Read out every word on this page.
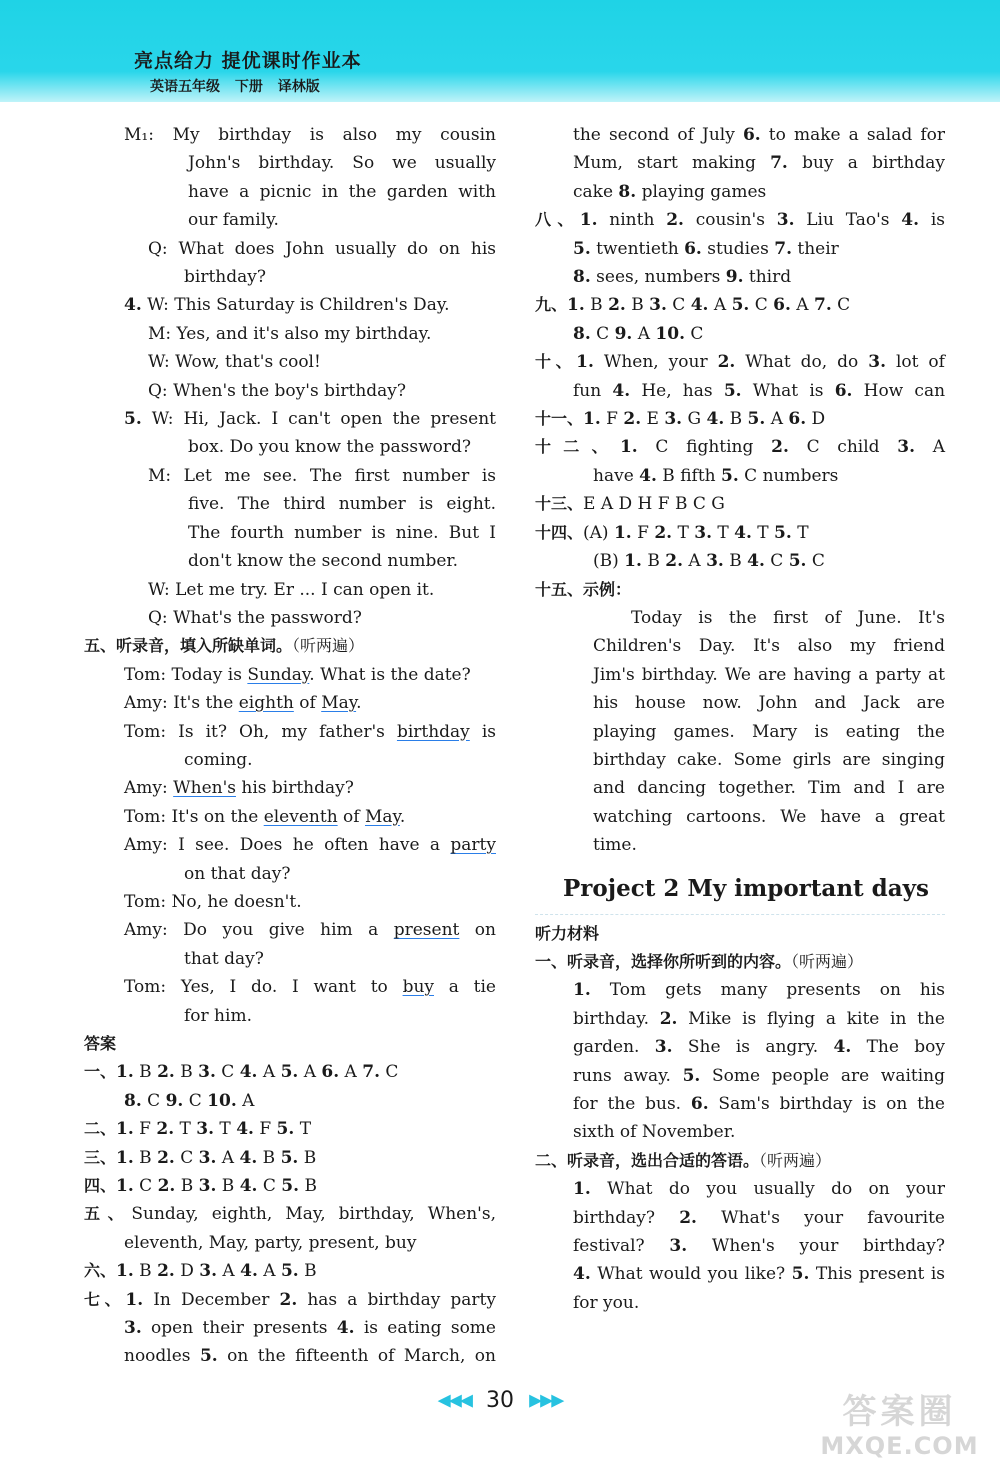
亮点给力 提优课时作业本
英语五年级 下册 译林版
M₁: My birthday is also my cousin
John's birthday. So we usually
have a picnic in the garden with
our family.
Q: What does John usually do on his
birthday?
4. W: This Saturday is Children's Day.
M: Yes, and it's also my birthday.
W: Wow, that's cool!
Q: When's the boy's birthday?
5. W: Hi, Jack. I can't open the present
box. Do you know the password?
M: Let me see. The first number is
five. The third number is eight.
The fourth number is nine. But I
don't know the second number.
W: Let me try. Er ... I can open it.
Q: What's the password?
五、听录音，填入所缺单词。（听两遍）
Tom: Today is Sunday. What is the date?
Amy: It's the eighth of May.
Tom: Is it? Oh, my father's birthday is
coming.
Amy: When's his birthday?
Tom: It's on the eleventh of May.
Amy: I see. Does he often have a party
on that day?
Tom: No, he doesn't.
Amy: Do you give him a present on
that day?
Tom: Yes, I do. I want to buy a tie
for him.
答案
一、1. B 2. B 3. C 4. A 5. A 6. A 7. C
8. C 9. C 10. A
二、1. F 2. T 3. T 4. F 5. T
三、1. B 2. C 3. A 4. B 5. B
四、1. C 2. B 3. B 4. C 5. B
五、Sunday, eighth, May, birthday, When's,
eleventh, May, party, present, buy
六、1. B 2. D 3. A 4. A 5. B
七、1. In December 2. has a birthday party
3. open their presents 4. is eating some
noodles 5. on the fifteenth of March, on
the second of July 6. to make a salad for
Mum, start making 7. buy a birthday
cake 8. playing games
八、1. ninth 2. cousin's 3. Liu Tao's 4. is
5. twentieth 6. studies 7. their
8. sees, numbers 9. third
九、1. B 2. B 3. C 4. A 5. C 6. A 7. C
8. C 9. A 10. C
十、1. When, your 2. What do, do 3. lot of
fun 4. He, has 5. What is 6. How can
十一、1. F 2. E 3. G 4. B 5. A 6. D
十二、1. C fighting 2. C child 3. A
have 4. B fifth 5. C numbers
十三、E A D H F B C G
十四、(A) 1. F 2. T 3. T 4. T 5. T
(B) 1. B 2. A 3. B 4. C 5. C
十五、示例：
Today is the first of June. It's
Children's Day. It's also my friend
Jim's birthday. We are having a party at
his house now. John and Jack are
playing games. Mary is eating the
birthday cake. Some girls are singing
and dancing together. Tim and I are
watching cartoons. We have a great
time.
Project 2 My important days
听力材料
一、听录音，选择你所听到的内容。（听两遍）
1. Tom gets many presents on his
birthday. 2. Mike is flying a kite in the
garden. 3. She is angry. 4. The boy
runs away. 5. Some people are waiting
for the bus. 6. Sam's birthday is on the
sixth of November.
二、听录音，选出合适的答语。（听两遍）
1. What do you usually do on your
birthday? 2. What's your favourite
festival? 3. When's your birthday?
4. What would you like? 5. This present is
for you.
◀◀◀ 30 ▶▶▶	答案圈
MXQE.COM
